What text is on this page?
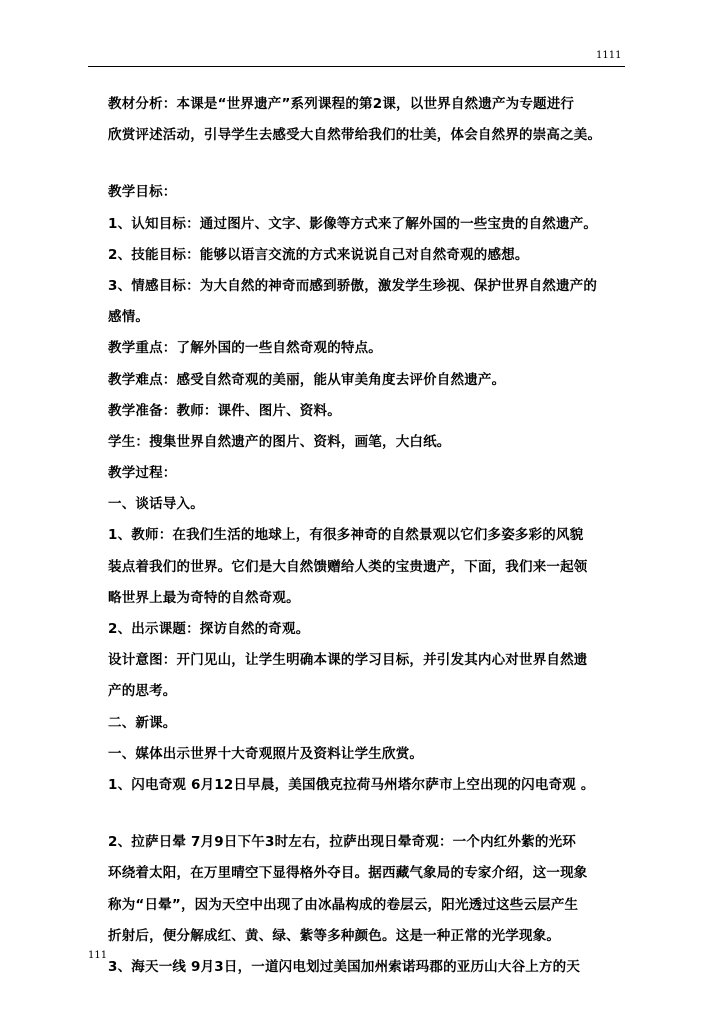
1111
教材分析：本课是“世界遗产”系列课程的第2课，以世界自然遗产为专题进行
欣赏评述活动，引导学生去感受大自然带给我们的壮美，体会自然界的崇高之美。
教学目标：
1、认知目标：通过图片、文字、影像等方式来了解外国的一些宝贵的自然遗产。
2、技能目标：能够以语言交流的方式来说说自己对自然奇观的感想。
3、情感目标：为大自然的神奇而感到骄傲，激发学生珍视、保护世界自然遗产的
感情。
教学重点：了解外国的一些自然奇观的特点。
教学难点：感受自然奇观的美丽，能从审美角度去评价自然遗产。
教学准备：教师：课件、图片、资料。
学生：搜集世界自然遗产的图片、资料，画笔，大白纸。
教学过程：
一、谈话导入。
1、教师：在我们生活的地球上，有很多神奇的自然景观以它们多姿多彩的风貌
装点着我们的世界。它们是大自然馈赠给人类的宝贵遗产，下面，我们来一起领
略世界上最为奇特的自然奇观。
2、出示课题：探访自然的奇观。
设计意图：开门见山，让学生明确本课的学习目标，并引发其内心对世界自然遗
产的思考。
二、新课。
一、媒体出示世界十大奇观照片及资料让学生欣赏。
1、闪电奇观 6月12日早晨，美国俄克拉荷马州塔尔萨市上空出现的闪电奇观 。
2、拉萨日晕 7月9日下午3时左右，拉萨出现日晕奇观：一个内红外紫的光环
环绕着太阳，在万里晴空下显得格外夺目。据西藏气象局的专家介绍，这一现象
称为“日晕”，因为天空中出现了由冰晶构成的卷层云，阳光透过这些云层产生
折射后，便分解成红、黄、绿、紫等多种颜色。这是一种正常的光学现象。
3、海天一线 9月3日，一道闪电划过美国加州索诺玛郡的亚历山大谷上方的天
111
